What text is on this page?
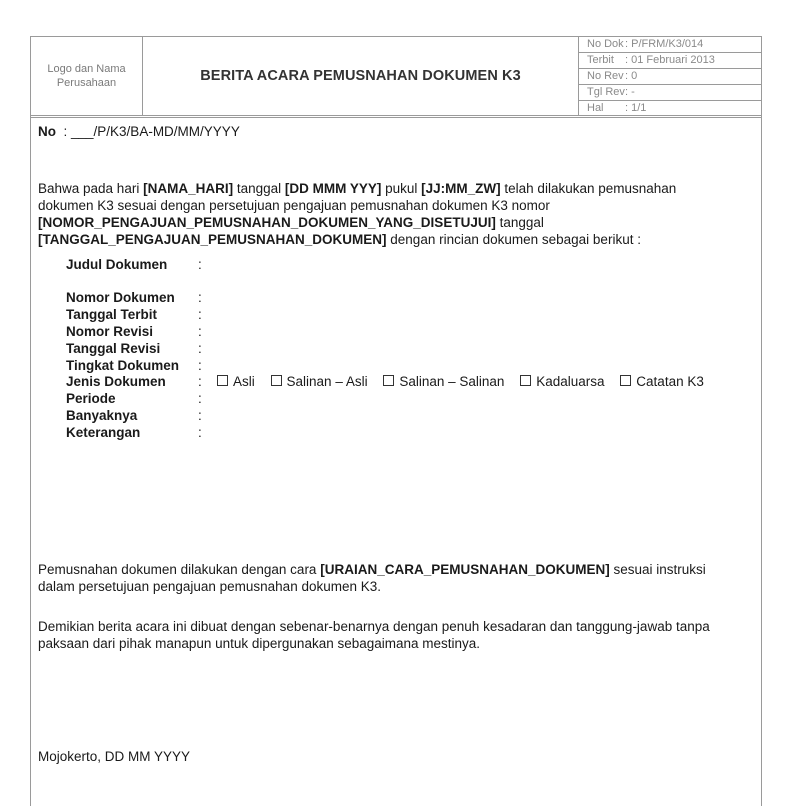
Logo dan Nama Perusahaan	BERITA ACARA PEMUSNAHAN DOKUMEN K3
No Dok: P/FRM/K3/014
Terbit : 01 Februari 2013
No Rev: 0
Tgl Rev: -
Hal : 1/1
No : ___/P/K3/BA-MD/MM/YYYY
Bahwa pada hari [NAMA_HARI] tanggal [DD MMM YYY] pukul [JJ:MM_ZW] telah dilakukan pemusnahan
dokumen K3 sesuai dengan persetujuan pengajuan pemusnahan dokumen K3 nomor
[NOMOR_PENGAJUAN_PEMUSNAHAN_DOKUMEN_YANG_DISETUJUI] tanggal
[TANGGAL_PENGAJUAN_PEMUSNAHAN_DOKUMEN] dengan rincian dokumen sebagai berikut :
Judul Dokumen :
Nomor Dokumen :
Tanggal Terbit	:
Nomor Revisi	:
Tanggal Revisi	:
Tingkat Dokumen :
Jenis Dokumen :	Asli Salinan – Asli Salinan – Salinan Kadaluarsa Catatan K3
Periode	:
Banyaknya	:
Keterangan	:
Pemusnahan dokumen dilakukan dengan cara [URAIAN_CARA_PEMUSNAHAN_DOKUMEN] sesuai instruksi
dalam persetujuan pengajuan pemusnahan dokumen K3.
Demikian berita acara ini dibuat dengan sebenar-benarnya dengan penuh kesadaran dan tanggung-jawab tanpa
paksaan dari pihak manapun untuk dipergunakan sebagaimana mestinya.
Mojokerto, DD MM YYYY
